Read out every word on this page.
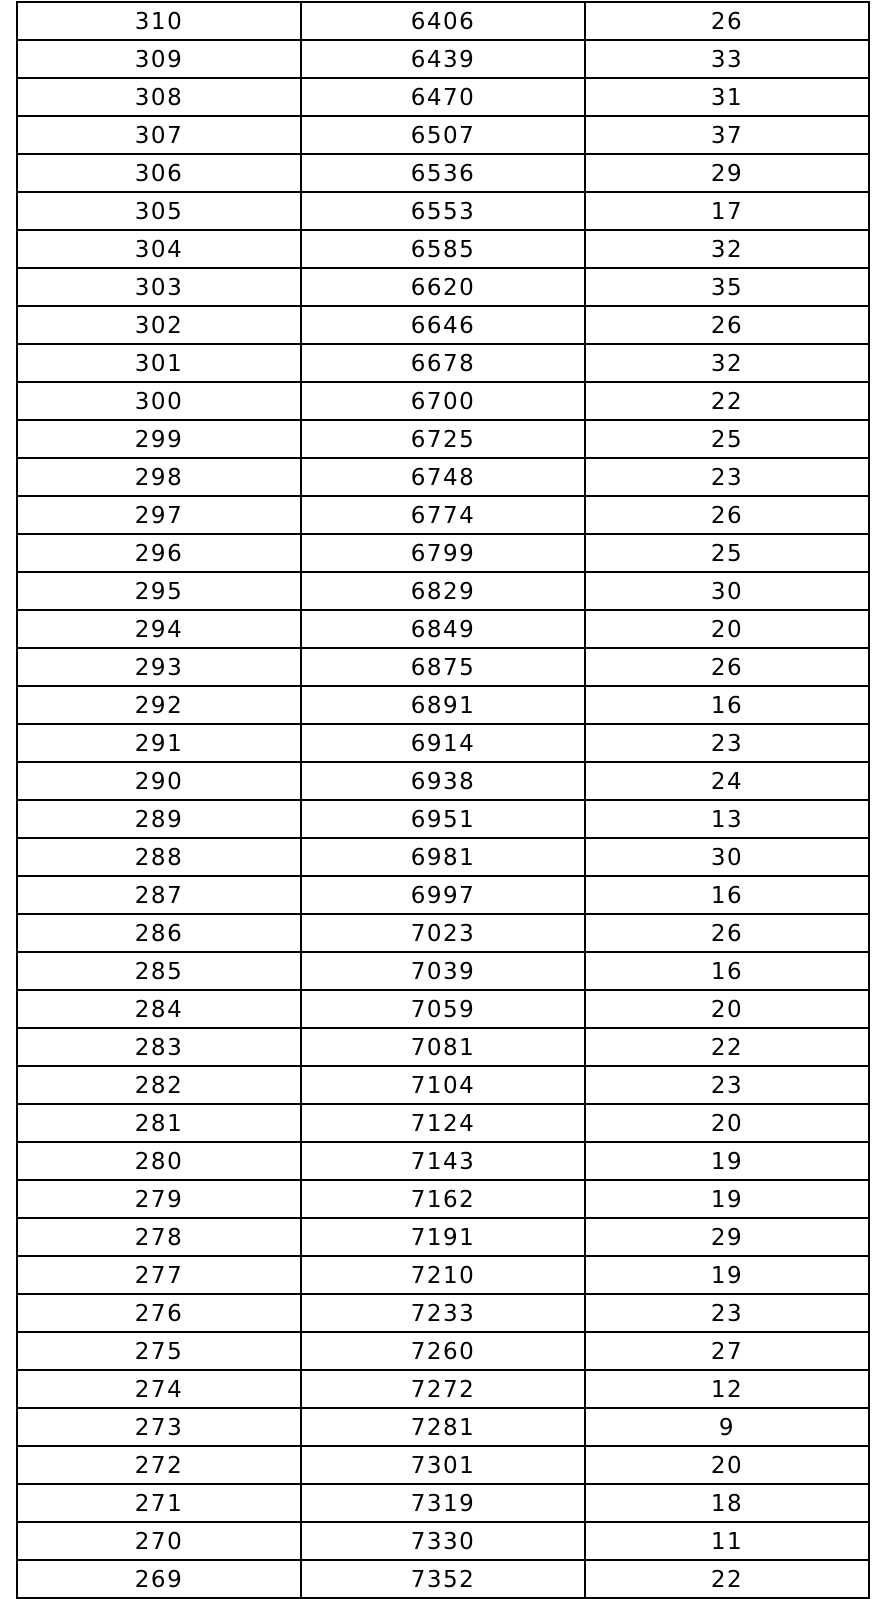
310	6406	26
309	6439	33
308	6470	31
307	6507	37
306	6536	29
305	6553	17
304	6585	32
303	6620	35
302	6646	26
301	6678	32
300	6700	22
299	6725	25
298	6748	23
297	6774	26
296	6799	25
295	6829	30
294	6849	20
293	6875	26
292	6891	16
291	6914	23
290	6938	24
289	6951	13
288	6981	30
287	6997	16
286	7023	26
285	7039	16
284	7059	20
283	7081	22
282	7104	23
281	7124	20
280	7143	19
279	7162	19
278	7191	29
277	7210	19
276	7233	23
275	7260	27
274	7272	12
273	7281	9
272	7301	20
271	7319	18
270	7330	11
269	7352	22
